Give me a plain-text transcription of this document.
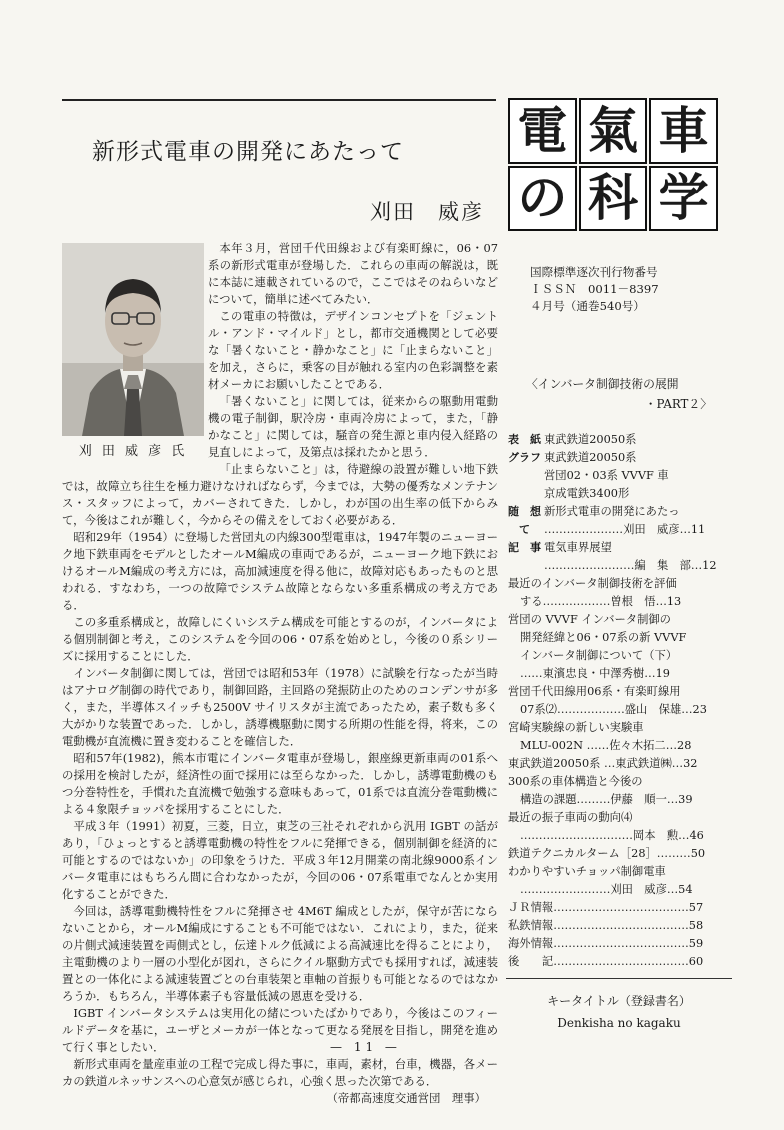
新形式電車の開発にあたって
刈田 威彦
電 氣 車
の 科 学
刈 田 威 彦 氏

本年３月，営団千代田線および有楽町線に，06・07系の新形式電車が登場した．これらの車両の解説は，既に本誌に連載されているので，ここではそのねらいなどについて，簡単に述べてみたい．

この電車の特徴は，デザインコンセプトを「ジェントル・アンド・マイルド」とし，都市交通機関として必要な「暑くないこと・静かなこと」に「止まらないこと」を加え，さらに，乗客の目が触れる室内の色彩調整を素材メーカにお願いしたことである．

「暑くないこと」に関しては，従来からの駆動用電動機の電子制御，駅冷房・車両冷房によって，また，「静かなこと」に関しては，騒音の発生源と車内侵入経路の見直しによって，及第点は採れたかと思う．

「止まらないこと」は，待避線の設置が難しい地下鉄では，故障立ち往生を極力避けなければならず，今までは，大勢の優秀なメンテナンス・スタッフによって，カバーされてきた．しかし，わが国の出生率の低下からみて，今後はこれが難しく，今からその備えをしておく必要がある．

昭和29年（1954）に登場した営団丸の内線300型電車は，1947年製のニューヨーク地下鉄車両をモデルとしたオールM編成の車両であるが，ニューヨーク地下鉄におけるオールM編成の考え方には，高加減速度を得る他に，故障対応もあったものと思われる．すなわち，一つの故障でシステム故障とならない多重系構成の考え方である．

この多重系構成と，故障しにくいシステム構成を可能とするのが，インバータによる個別制御と考え，このシステムを今回の06・07系を始めとし，今後の０系シリーズに採用することにした．

インバータ制御に関しては，営団では昭和53年（1978）に試験を行なったが当時はアナログ制御の時代であり，制御回路，主回路の発振防止のためのコンデンサが多く，また，半導体スイッチも2500V サイリスタが主流であったため，素子数も多く大がかりな装置であった．しかし，誘導機駆動に関する所期の性能を得，将来，この電動機が直流機に置き変わることを確信した．

昭和57年(1982)，熊本市電にインバータ電車が登場し，銀座線更新車両の01系への採用を検討したが，経済性の面で採用には至らなかった．しかし，誘導電動機のもつ分巻特性を，手慣れた直流機で勉強する意味もあって，01系では直流分巻電動機による４象限チョッパを採用することにした．

平成３年（1991）初夏，三菱，日立，東芝の三社それぞれから汎用 IGBT の話があり，「ひょっとすると誘導電動機の特性をフルに発揮できる，個別制御を経済的に可能とするのではないか」の印象をうけた．平成３年12月開業の南北線9000系インバータ電車にはもちろん間に合わなかったが，今回の06・07系電車でなんとか実用化することができた．

今回は，誘導電動機特性をフルに発揮させ 4M6T 編成としたが，保守が苦にならないことから，オールM編成にすることも不可能ではない．これにより，また，従来の片側式減速装置を両側式とし，伝達トルク低減による高減速比を得ることにより，主電動機のより一層の小型化が図れ，さらにクイル駆動方式でも採用すれば，減速装置との一体化による減速装置ごとの台車装架と車軸の首振りも可能となるのではなかろうか．もちろん，半導体素子も容量低減の恩恵を受ける．

IGBT インバータシステムは実用化の緒についたばかりであり，今後はこのフィールドデータを基に，ユーザとメーカが一体となって更なる発展を目指し，開発を進めて行く事としたい．

新形式車両を量産車並の工程で完成し得た事に，車両，素材，台車，機器，各メーカの鉄道ルネッサンスへの心意気が感じられ，心強く思った次第である．

（帝都高速度交通営団　理事）

— 11 —
国際標準逐次刊行物番号
ＩＳＳＮ　0011－8397
４月号（通巻540号）
〈インバータ制御技術の展開
・PART２〉
表　紙 東武鉄道20050系
グラフ 東武鉄道20050系
営団02・03系 VVVF 車
京成電鉄3400形
随　想 新形式電車の開発にあたっ
　て	…………………刈田　威彦…11
記　事 電気車界展望
……………………編　集　部…12
最近のインバータ制御技術を評価
する………………曽根　悟…13
営団の VVVF インバータ制御の
開発経緯と06・07系の新 VVVF
インバータ制御について（下）
……東濱忠良・中澤秀樹…19
営団千代田線用06系・有楽町線用
07系⑵………………盛山　保雄…23
宮崎実験線の新しい実験車
MLU-002N ……佐々木拓二…28
東武鉄道20050系 …東武鉄道㈱…32
300系の車体構造と今後の
構造の課題………伊藤　順一…39
最近の振子車両の動向⑷
…………………………岡本　勲…46
鉄道テクニカルターム［28］………50
わかりやすいチョッパ制御電車
……………………刈田　威彦…54
ＪＲ情報………………………………57
私鉄情報………………………………58
海外情報………………………………59
後　　記………………………………60
キータイトル（登録書名）
Denkisha no kagaku
